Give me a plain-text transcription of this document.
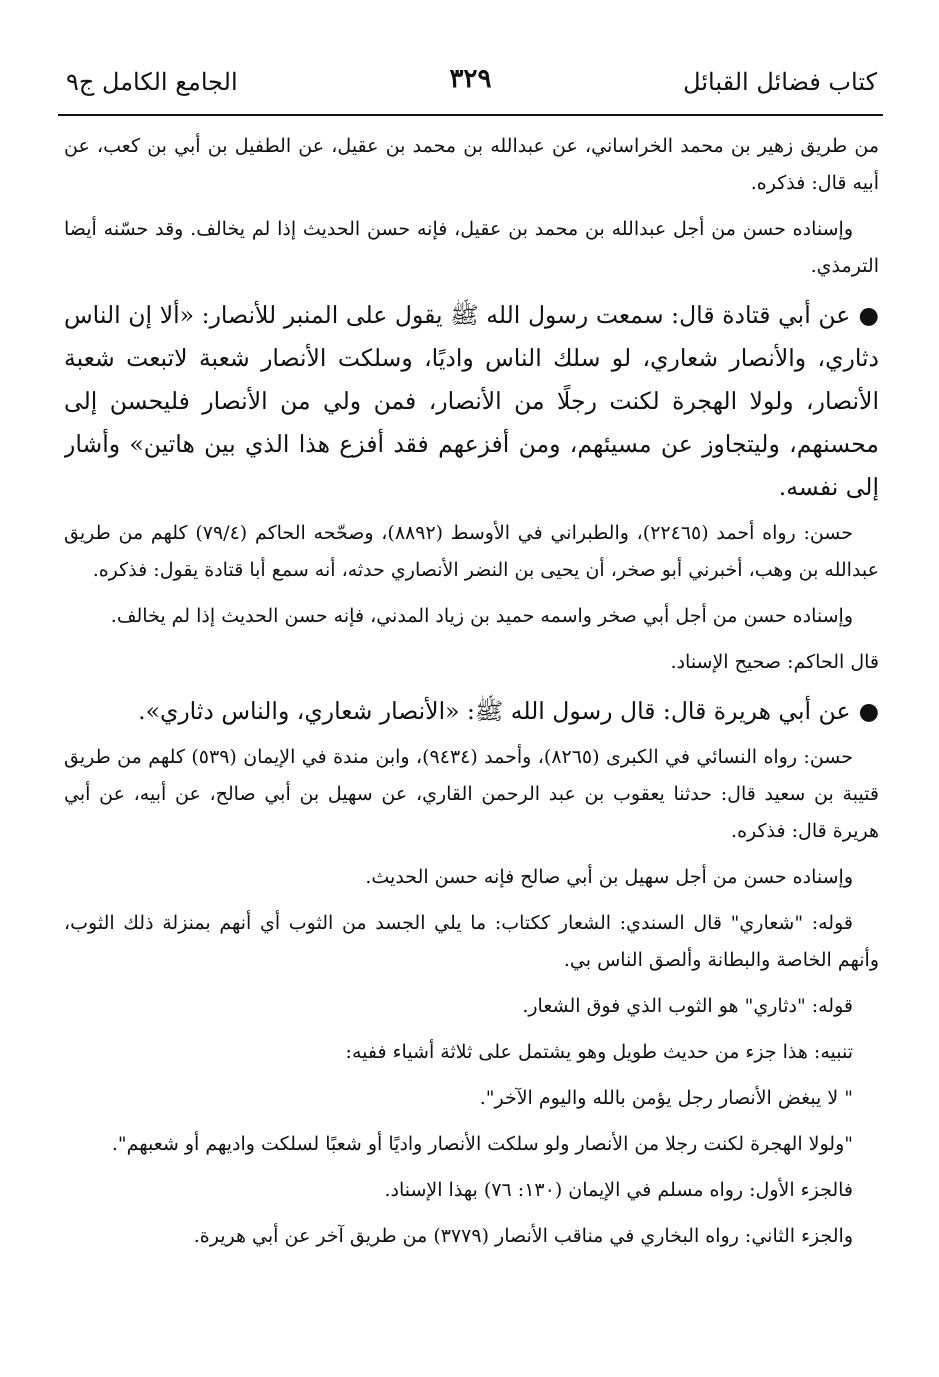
كتاب فضائل القبائل
٣٢٩
الجامع الكامل ج٩

من طريق زهير بن محمد الخراساني، عن عبدالله بن محمد بن عقيل، عن الطفيل بن أبي بن كعب، عن أبيه قال: فذكره.

وإسناده حسن من أجل عبدالله بن محمد بن عقيل، فإنه حسن الحديث إذا لم يخالف. وقد حسّنه أيضا الترمذي.

●عن أبي قتادة قال: سمعت رسول الله ﷺ يقول على المنبر للأنصار: «ألا إن الناس دثاري، والأنصار شعاري، لو سلك الناس واديًا، وسلكت الأنصار شعبة لاتبعت شعبة الأنصار، ولولا الهجرة لكنت رجلًا من الأنصار، فمن ولي من الأنصار فليحسن إلى محسنهم، وليتجاوز عن مسيئهم، ومن أفزعهم فقد أفزع هذا الذي بين هاتين» وأشار إلى نفسه.

حسن: رواه أحمد (٢٢٤٦٥)، والطبراني في الأوسط (٨٨٩٢)، وصحّحه الحاكم (٧٩/٤) كلهم من طريق عبدالله بن وهب، أخبرني أبو صخر، أن يحيى بن النضر الأنصاري حدثه، أنه سمع أبا قتادة يقول: فذكره.

وإسناده حسن من أجل أبي صخر واسمه حميد بن زياد المدني، فإنه حسن الحديث إذا لم يخالف.

قال الحاكم: صحيح الإسناد.

●عن أبي هريرة قال: قال رسول الله ﷺ: «الأنصار شعاري، والناس دثاري».

حسن: رواه النسائي في الكبرى (٨٢٦٥)، وأحمد (٩٤٣٤)، وابن مندة في الإيمان (٥٣٩) كلهم من طريق قتيبة بن سعيد قال: حدثنا يعقوب بن عبد الرحمن القاري، عن سهيل بن أبي صالح، عن أبيه، عن أبي هريرة قال: فذكره.

وإسناده حسن من أجل سهيل بن أبي صالح فإنه حسن الحديث.

قوله: "شعاري" قال السندي: الشعار ككتاب: ما يلي الجسد من الثوب أي أنهم بمنزلة ذلك الثوب، وأنهم الخاصة والبطانة وألصق الناس بي.

قوله: "دثاري" هو الثوب الذي فوق الشعار.

تنبيه: هذا جزء من حديث طويل وهو يشتمل على ثلاثة أشياء ففيه:

" لا يبغض الأنصار رجل يؤمن بالله واليوم الآخر".

"ولولا الهجرة لكنت رجلا من الأنصار ولو سلكت الأنصار واديًا أو شعبًا لسلكت واديهم أو شعبهم".

فالجزء الأول: رواه مسلم في الإيمان (١٣٠: ٧٦) بهذا الإسناد.

والجزء الثاني: رواه البخاري في مناقب الأنصار (٣٧٧٩) من طريق آخر عن أبي هريرة.
